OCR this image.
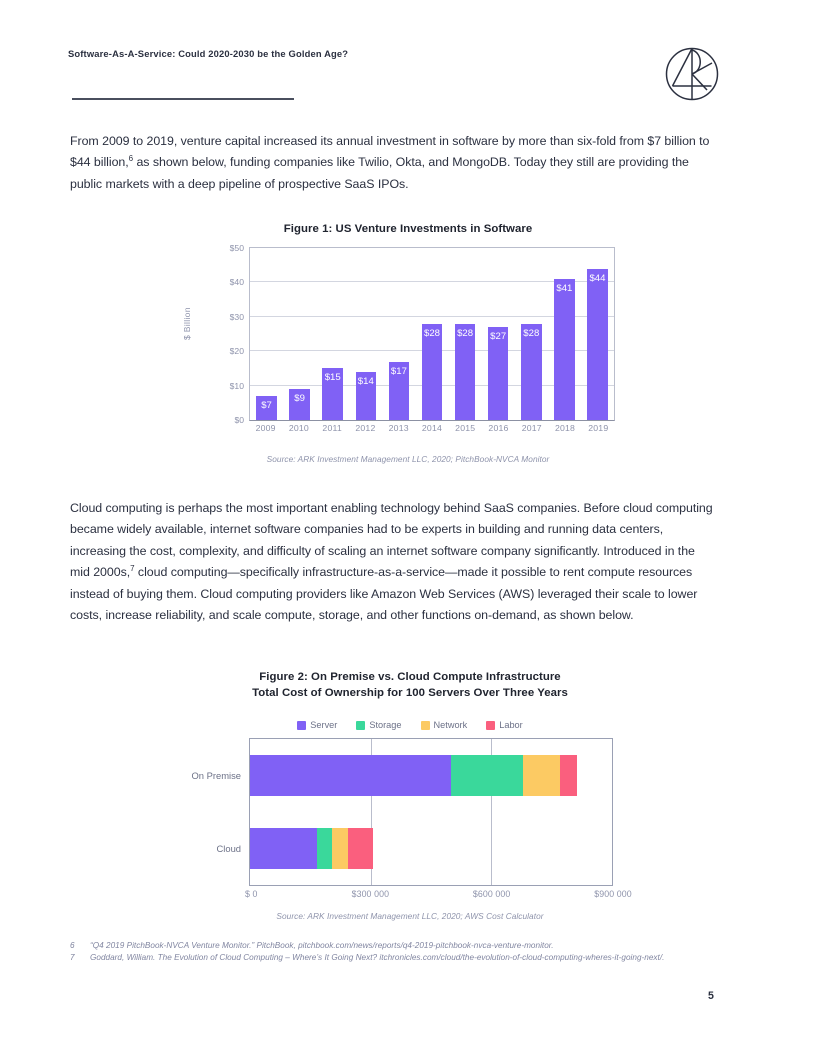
Software-As-A-Service: Could 2020-2030 be the Golden Age?
From 2009 to 2019, venture capital increased its annual investment in software by more than six-fold from $7 billion to $44 billion,$^6$ as shown below, funding companies like Twilio, Okta, and MongoDB. Today they still are providing the public markets with a deep pipeline of prospective SaaS IPOs.
Figure 1: US Venture Investments in Software
$ Billion
$0
$10
$20
$30
$40
$50
$7
$9
$15 $14
$17
$28 $28 $27 $28
$41
$44
2009	2010	2011	2012	2013	2014	2015	2016	2017	2018	2019
Source: ARK Investment Management LLC, 2020; PitchBook-NVCA Monitor
Cloud computing is perhaps the most important enabling technology behind SaaS companies. Before cloud computing became widely available, internet software companies had to be experts in building and running data centers, increasing the cost, complexity, and difficulty of scaling an internet software company significantly. Introduced in the mid 2000s,$^7$ cloud computing—specifically infrastructure-as-a-service—made it possible to rent compute resources instead of buying them. Cloud computing providers like Amazon Web Services (AWS) leveraged their scale to lower costs, increase reliability, and scale compute, storage, and other functions on-demand, as shown below.
Figure 2: On Premise vs. Cloud Compute Infrastructure
Total Cost of Ownership for 100 Servers Over Three Years
Server	Storage	Network	Labor
On Premise
Cloud
$ 0	$300 000	$600 000	$900 000
Source: ARK Investment Management LLC, 2020; AWS Cost Calculator
6	“Q4 2019 PitchBook-NVCA Venture Monitor.” PitchBook, pitchbook.com/news/reports/q4-2019-pitchbook-nvca-venture-monitor.
7	Goddard, William. The Evolution of Cloud Computing – Where’s It Going Next? itchronicles.com/cloud/the-evolution-of-cloud-computing-wheres-it-going-next/.
5
